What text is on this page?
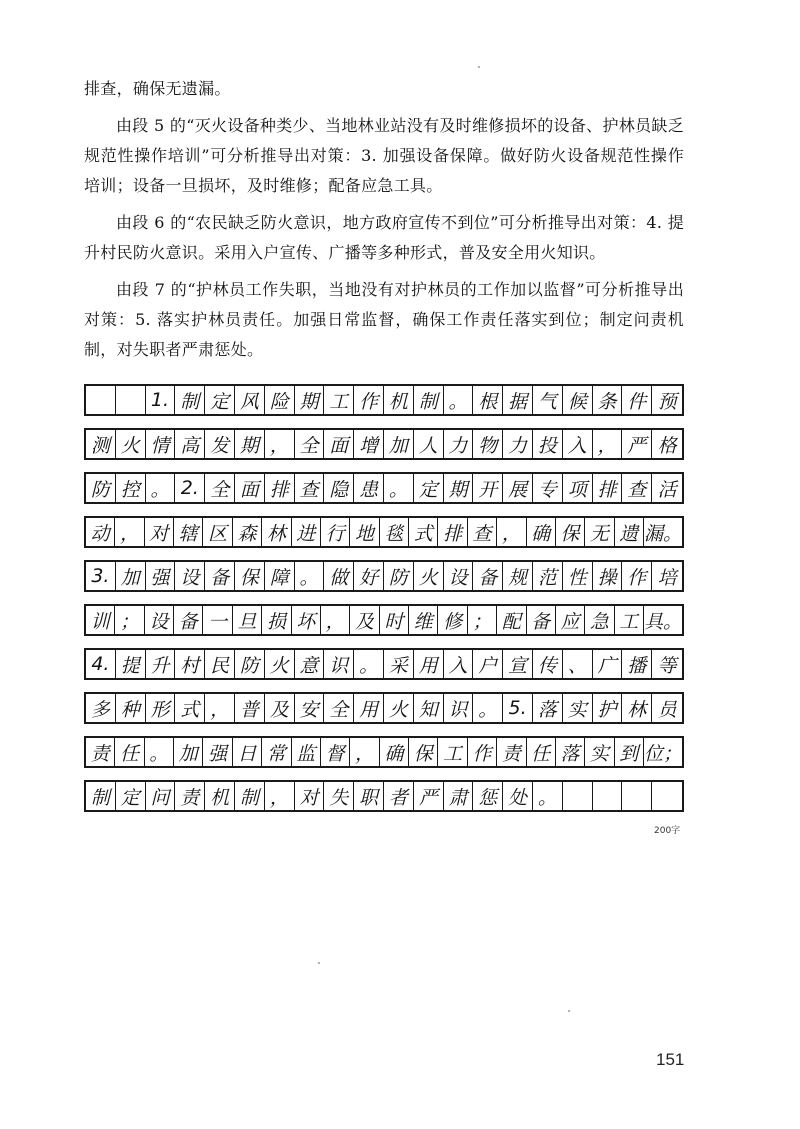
排查，确保无遗漏。

由段 5 的“灭火设备种类少、当地林业站没有及时维修损坏的设备、护林员缺乏规范性操作培训”可分析推导出对策：3. 加强设备保障。做好防火设备规范性操作培训；设备一旦损坏，及时维修；配备应急工具。

由段 6 的“农民缺乏防火意识，地方政府宣传不到位”可分析推导出对策：4. 提升村民防火意识。采用入户宣传、广播等多种形式，普及安全用火知识。

由段 7 的“护林员工作失职，当地没有对护林员的工作加以监督”可分析推导出对策：5. 落实护林员责任。加强日常监督，确保工作责任落实到位；制定问责机制，对失职者严肃惩处。

1. 制 定 风 险 期 工 作 机 制 。 根 据 气 候 条 件 预
测 火 情 高 发 期 ， 全 面 增 加 人 力 物 力 投 入 ， 严 格
防 控 。 2. 全 面 排 查 隐 患 。 定 期 开 展 专 项 排 查 活
动 ， 对 辖 区 森 林 进 行 地 毯 式 排 查 ， 确 保 无 遗 漏。
3. 加 强 设 备 保 障 。 做 好 防 火 设 备 规 范 性 操 作 培
训 ； 设 备 一 旦 损 坏 ， 及 时 维 修 ； 配 备 应 急 工 具。
4. 提 升 村 民 防 火 意 识 。 采 用 入 户 宣 传 、 广 播 等
多 种 形 式 ， 普 及 安 全 用 火 知 识 。 5. 落 实 护 林 员
责 任 。 加 强 日 常 监 督 ， 确 保 工 作 责 任 落 实 到 位；
制 定 问 责 机 制 ， 对 失 职 者 严 肃 惩 处 。
200字
151
